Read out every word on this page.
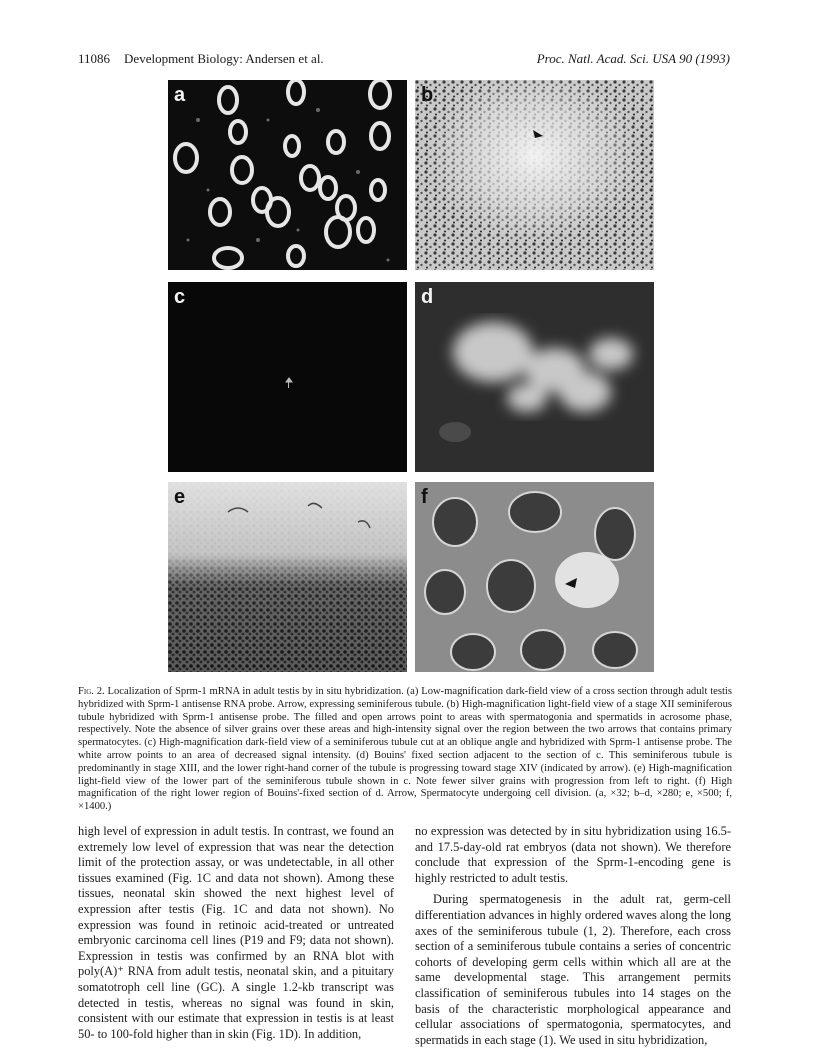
11086 Development Biology: Andersen et al.	Proc. Natl. Acad. Sci. USA 90 (1993)
a	b
c	d
e	f
Fig. 2. Localization of Sprm-1 mRNA in adult testis by in situ hybridization. (a) Low-magnification dark-field view of a cross section through adult testis hybridized with Sprm-1 antisense RNA probe. Arrow, expressing seminiferous tubule. (b) High-magnification light-field view of a stage XII seminiferous tubule hybridized with Sprm-1 antisense probe. The filled and open arrows point to areas with spermatogonia and spermatids in acrosome phase, respectively. Note the absence of silver grains over these areas and high-intensity signal over the region between the two arrows that contains primary spermatocytes. (c) High-magnification dark-field view of a seminiferous tubule cut at an oblique angle and hybridized with Sprm-1 antisense probe. The white arrow points to an area of decreased signal intensity. (d) Bouins' fixed section adjacent to the section of c. This seminiferous tubule is predominantly in stage XIII, and the lower right-hand corner of the tubule is progressing toward stage XIV (indicated by arrow). (e) High-magnification light-field view of the lower part of the seminiferous tubule shown in c. Note fewer silver grains with progression from left to right. (f) High magnification of the right lower region of Bouins'-fixed section of d. Arrow, Spermatocyte undergoing cell division. (a, ×32; b–d, ×280; e, ×500; f, ×1400.)

high level of expression in adult testis. In contrast, we found an extremely low level of expression that was near the detection limit of the protection assay, or was undetectable, in all other tissues examined (Fig. 1C and data not shown). Among these tissues, neonatal skin showed the next highest level of expression after testis (Fig. 1C and data not shown). No expression was found in retinoic acid-treated or untreated embryonic carcinoma cell lines (P19 and F9; data not shown). Expression in testis was confirmed by an RNA blot with poly(A)⁺ RNA from adult testis, neonatal skin, and a pituitary somatotroph cell line (GC). A single 1.2-kb transcript was detected in testis, whereas no signal was found in skin, consistent with our estimate that expression in testis is at least 50- to 100-fold higher than in skin (Fig. 1D). In addition,

no expression was detected by in situ hybridization using 16.5- and 17.5-day-old rat embryos (data not shown). We therefore conclude that expression of the Sprm-1-encoding gene is highly restricted to adult testis.

During spermatogenesis in the adult rat, germ-cell differentiation advances in highly ordered waves along the long axes of the seminiferous tubule (1, 2). Therefore, each cross section of a seminiferous tubule contains a series of concentric cohorts of developing germ cells within which all are at the same developmental stage. This arrangement permits classification of seminiferous tubules into 14 stages on the basis of the characteristic morphological appearance and cellular associations of spermatogonia, spermatocytes, and spermatids in each stage (1). We used in situ hybridization,
